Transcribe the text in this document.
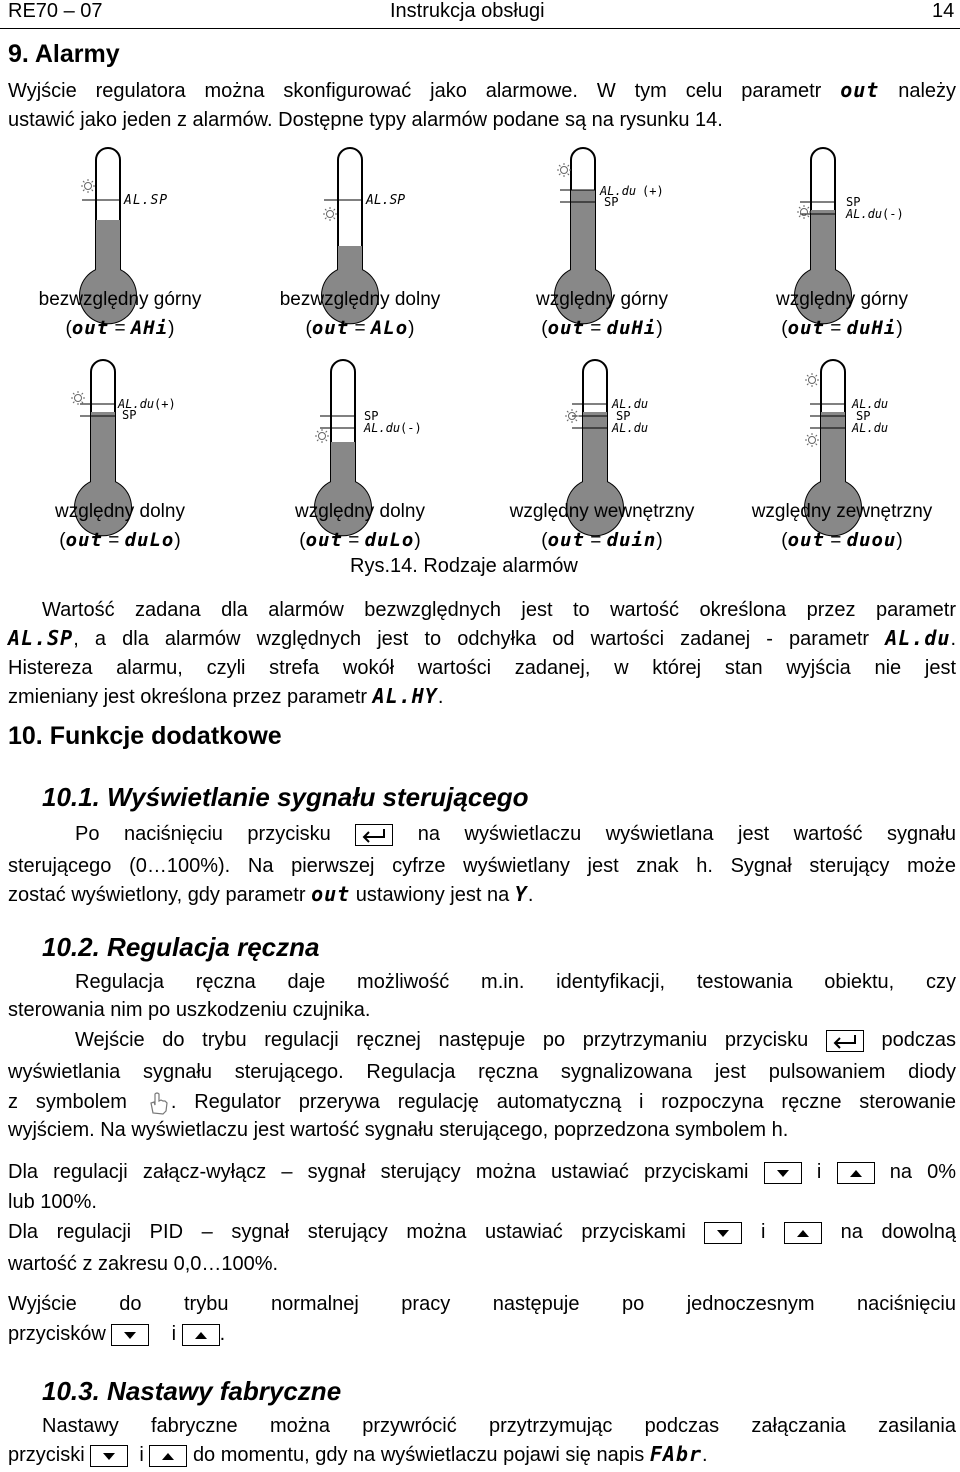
RE70 – 07	Instrukcja obsługi	14
9. Alarmy
Wyjście regulatora można skonfigurować jako alarmowe. W tym celu parametr out należy
ustawić jako jeden z alarmów. Dostępne typy alarmów podane są na rysunku 14.
AL.SP	AL.SP
AL.du (+)
SP	SP
AL.du (-)
AL.du (+)
SP	SP
AL.du (-)
AL.du
SP
AL.du
AL.du
SP
AL.du
bezwzględny górny
(out = AHi)
bezwzględny dolny
(out = ALo)
względny górny
(out = duHi)
względny górny
(out = duHi)
względny dolny
(out = duLo)
względny dolny
(out = duLo)
względny wewnętrzny
(out = duin)
względny zewnętrzny
(out = duou)
Rys.14. Rodzaje alarmów
Wartość zadana dla alarmów bezwzględnych jest to wartość określona przez parametr
AL.SP, a dla alarmów względnych jest to odchyłka od wartości zadanej - parametr AL.du.
Histereza alarmu, czyli strefa wokół wartości zadanej, w której stan wyjścia nie jest
zmieniany jest określona przez parametr AL.HY.
10. Funkcje dodatkowe
10.1. Wyświetlanie sygnału sterującego
Po naciśnięciu przycisku	na wyświetlaczu wyświetlana jest wartość sygnału
sterującego (0…100%). Na pierwszej cyfrze wyświetlany jest znak h. Sygnał sterujący może
zostać wyświetlony, gdy parametr out ustawiony jest na Y.
10.2. Regulacja ręczna
Regulacja ręczna daje możliwość m.in. identyfikacji, testowania obiektu, czy
sterowania nim po uszkodzeniu czujnika.
Wejście do trybu regulacji ręcznej następuje po przytrzymaniu przycisku	podczas
wyświetlania sygnału sterującego. Regulacja ręczna sygnalizowana jest pulsowaniem diody
z symbolem . Regulator przerywa regulację automatyczną i rozpoczyna ręczne sterowanie
wyjściem. Na wyświetlaczu jest wartość sygnału sterującego, poprzedzona symbolem h.
Dla regulacji załącz-wyłącz – sygnał sterujący można ustawiać przyciskami	i	na 0%
lub 100%.
Dla regulacji PID – sygnał sterujący można ustawiać przyciskami	i	na dowolną
wartość z zakresu 0,0…100%.
Wyjście do trybu normalnej pracy następuje po jednoczesnym naciśnięciu
przycisków	i .
10.3. Nastawy fabryczne
Nastawy fabryczne można przywrócić przytrzymując podczas załączania zasilania
przyciski	i do momentu, gdy na wyświetlaczu pojawi się napis FAbr.
